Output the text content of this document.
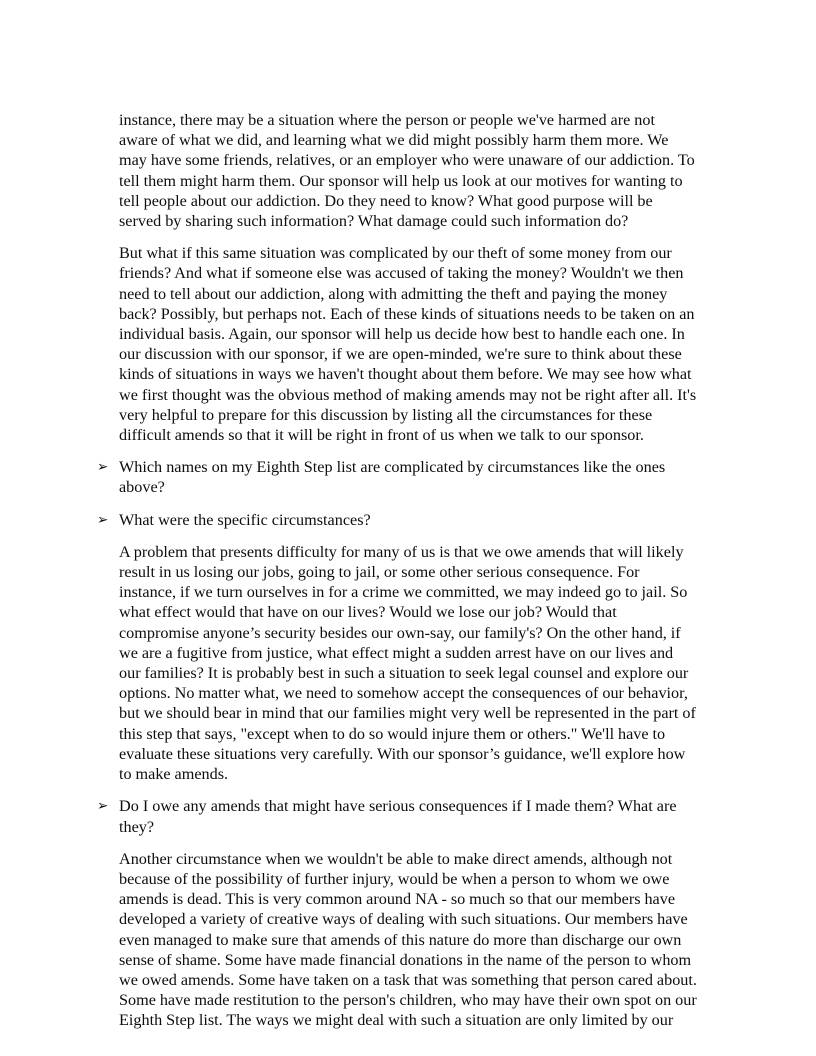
instance, there may be a situation where the person or people we've harmed are not aware of what we did, and learning what we did might possibly harm them more. We may have some friends, relatives, or an employer who were unaware of our addiction. To tell them might harm them. Our sponsor will help us look at our motives for wanting to tell people about our addiction. Do they need to know? What good purpose will be served by sharing such information? What damage could such information do?

But what if this same situation was complicated by our theft of some money from our friends? And what if someone else was accused of taking the money? Wouldn't we then need to tell about our addiction, along with admitting the theft and paying the money back? Possibly, but perhaps not. Each of these kinds of situations needs to be taken on an individual basis. Again, our sponsor will help us decide how best to handle each one. In our discussion with our sponsor, if we are open-minded, we're sure to think about these kinds of situations in ways we haven't thought about them before. We may see how what we first thought was the obvious method of making amends may not be right after all. It's very helpful to prepare for this discussion by listing all the circumstances for these difficult amends so that it will be right in front of us when we talk to our sponsor.

➢ Which names on my Eighth Step list are complicated by circumstances like the ones above?
➢ What were the specific circumstances?

A problem that presents difficulty for many of us is that we owe amends that will likely result in us losing our jobs, going to jail, or some other serious consequence. For instance, if we turn ourselves in for a crime we committed, we may indeed go to jail. So what effect would that have on our lives? Would we lose our job? Would that compromise anyone’s security besides our own-say, our family's? On the other hand, if we are a fugitive from justice, what effect might a sudden arrest have on our lives and our families? It is probably best in such a situation to seek legal counsel and explore our options. No matter what, we need to somehow accept the consequences of our behavior, but we should bear in mind that our families might very well be represented in the part of this step that says, "except when to do so would injure them or others." We'll have to evaluate these situations very carefully. With our sponsor’s guidance, we'll explore how to make amends.

➢ Do I owe any amends that might have serious consequences if I made them? What are they?

Another circumstance when we wouldn't be able to make direct amends, although not because of the possibility of further injury, would be when a person to whom we owe amends is dead. This is very common around NA - so much so that our members have developed a variety of creative ways of dealing with such situations. Our members have even managed to make sure that amends of this nature do more than discharge our own sense of shame. Some have made financial donations in the name of the person to whom we owed amends. Some have taken on a task that was something that person cared about. Some have made restitution to the person's children, who may have their own spot on our Eighth Step list. The ways we might deal with such a situation are only limited by our
